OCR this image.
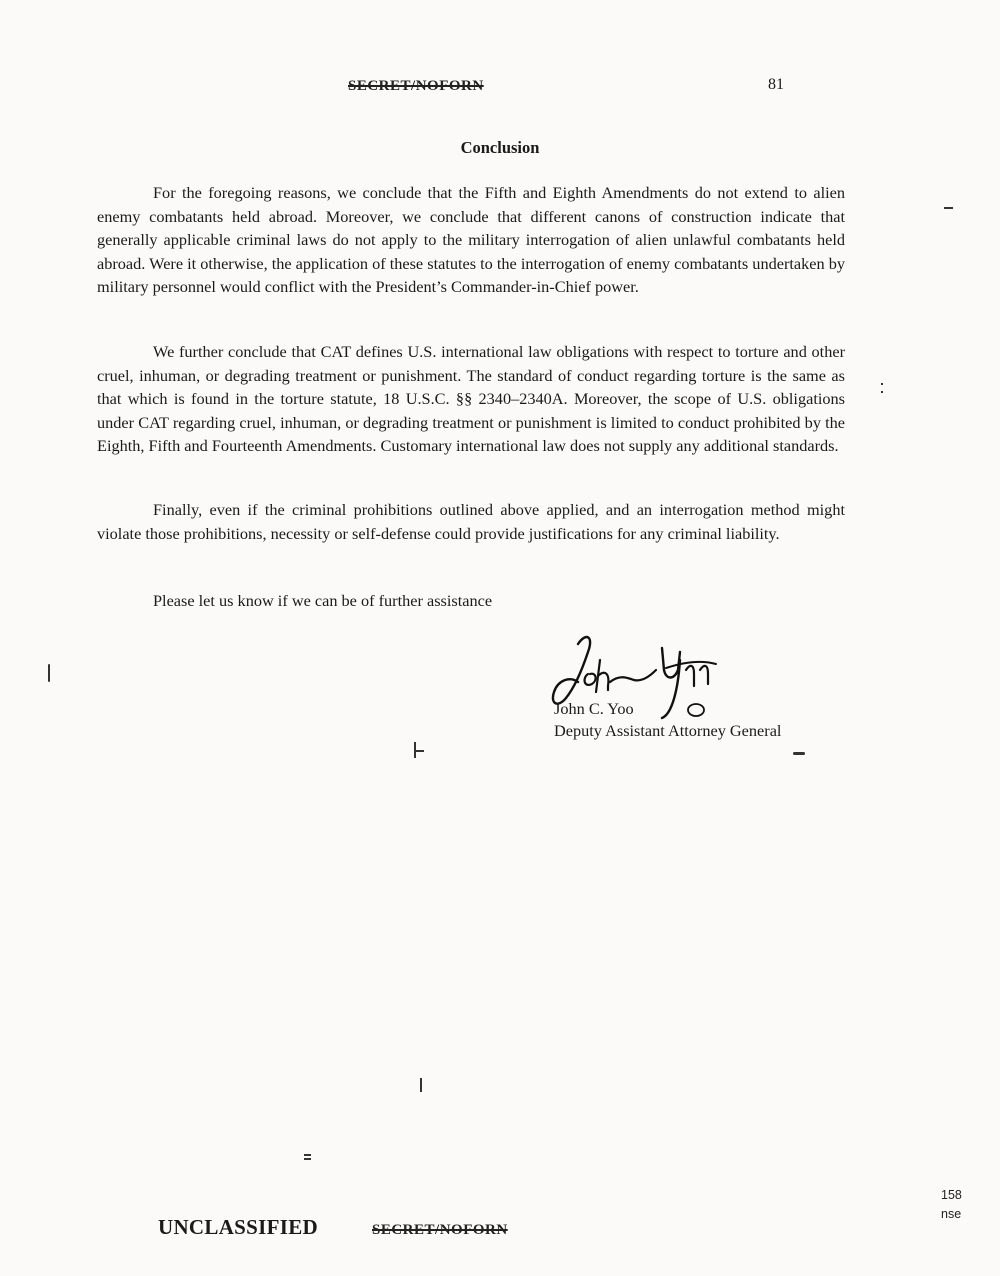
SECRET/NOFORN	81
Conclusion

For the foregoing reasons, we conclude that the Fifth and Eighth Amendments do not extend to alien enemy combatants held abroad. Moreover, we conclude that different canons of construction indicate that generally applicable criminal laws do not apply to the military interrogation of alien unlawful combatants held abroad. Were it otherwise, the application of these statutes to the interrogation of enemy combatants undertaken by military personnel would conflict with the President’s Commander-in-Chief power.

We further conclude that CAT defines U.S. international law obligations with respect to torture and other cruel, inhuman, or degrading treatment or punishment. The standard of conduct regarding torture is the same as that which is found in the torture statute, 18 U.S.C. §§ 2340–2340A. Moreover, the scope of U.S. obligations under CAT regarding cruel, inhuman, or degrading treatment or punishment is limited to conduct prohibited by the Eighth, Fifth and Fourteenth Amendments. Customary international law does not supply any additional standards.

Finally, even if the criminal prohibitions outlined above applied, and an interrogation method might violate those prohibitions, necessity or self-defense could provide justifications for any criminal liability.

Please let us know if we can be of further assistance

John C. Yoo
Deputy Assistant Attorney General
UNCLASSIFIED	SECRET/NOFORN
158
nse
